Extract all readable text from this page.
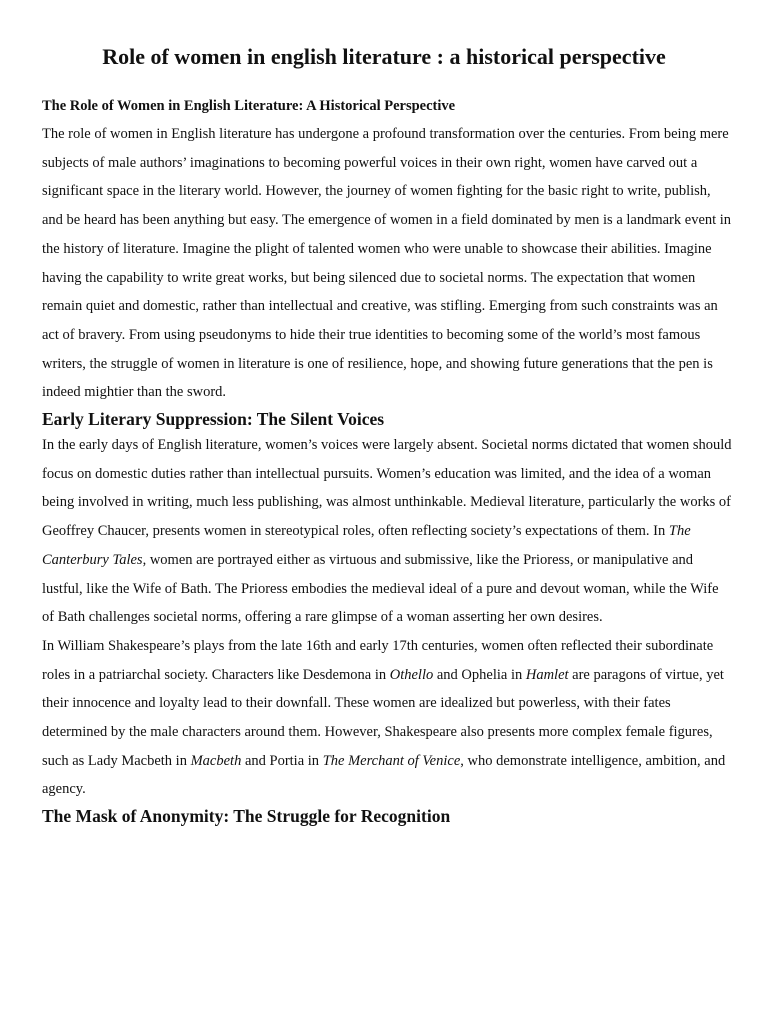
Role of women in english literature : a historical perspective
The Role of Women in English Literature: A Historical Perspective

The role of women in English literature has undergone a profound transformation over the centuries. From being mere subjects of male authors’ imaginations to becoming powerful voices in their own right, women have carved out a significant space in the literary world. However, the journey of women fighting for the basic right to write, publish, and be heard has been anything but easy. The emergence of women in a field dominated by men is a landmark event in the history of literature. Imagine the plight of talented women who were unable to showcase their abilities. Imagine having the capability to write great works, but being silenced due to societal norms. The expectation that women remain quiet and domestic, rather than intellectual and creative, was stifling. Emerging from such constraints was an act of bravery. From using pseudonyms to hide their true identities to becoming some of the world’s most famous writers, the struggle of women in literature is one of resilience, hope, and showing future generations that the pen is indeed mightier than the sword.

Early Literary Suppression: The Silent Voices

In the early days of English literature, women’s voices were largely absent. Societal norms dictated that women should focus on domestic duties rather than intellectual pursuits. Women’s education was limited, and the idea of a woman being involved in writing, much less publishing, was almost unthinkable. Medieval literature, particularly the works of Geoffrey Chaucer, presents women in stereotypical roles, often reflecting society’s expectations of them. In The Canterbury Tales, women are portrayed either as virtuous and submissive, like the Prioress, or manipulative and lustful, like the Wife of Bath. The Prioress embodies the medieval ideal of a pure and devout woman, while the Wife of Bath challenges societal norms, offering a rare glimpse of a woman asserting her own desires.

In William Shakespeare’s plays from the late 16th and early 17th centuries, women often reflected their subordinate roles in a patriarchal society. Characters like Desdemona in Othello and Ophelia in Hamlet are paragons of virtue, yet their innocence and loyalty lead to their downfall. These women are idealized but powerless, with their fates determined by the male characters around them. However, Shakespeare also presents more complex female figures, such as Lady Macbeth in Macbeth and Portia in The Merchant of Venice, who demonstrate intelligence, ambition, and agency.

The Mask of Anonymity: The Struggle for Recognition
